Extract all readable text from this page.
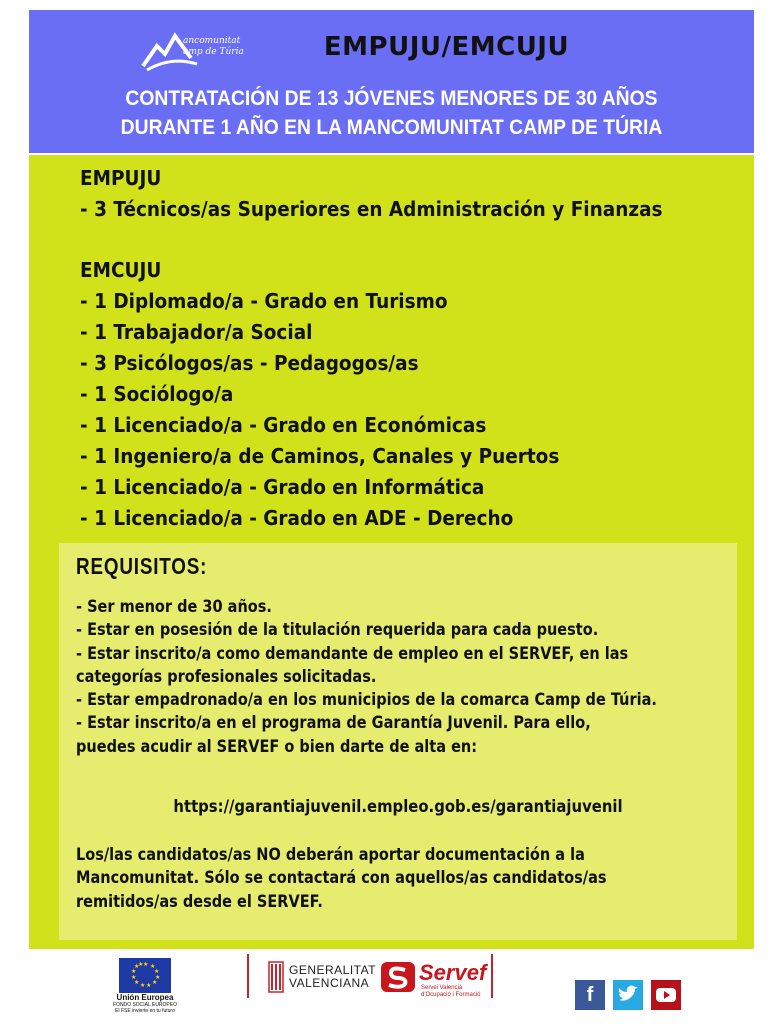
ancomunitat
amp de Túria	EMPUJU/EMCUJU
CONTRATACIÓN DE 13 JÓVENES MENORES DE 30 AÑOS
DURANTE 1 AÑO EN LA MANCOMUNITAT CAMP DE TÚRIA
EMPUJU
- 3 Técnicos/as Superiores en Administración y Finanzas
EMCUJU
- 1 Diplomado/a - Grado en Turismo
- 1 Trabajador/a Social
- 3 Psicólogos/as - Pedagogos/as
- 1 Sociólogo/a
- 1 Licenciado/a - Grado en Económicas
- 1 Ingeniero/a de Caminos, Canales y Puertos
- 1 Licenciado/a - Grado en Informática
- 1 Licenciado/a - Grado en ADE - Derecho
REQUISITOS:
- Ser menor de 30 años.
- Estar en posesión de la titulación requerida para cada puesto.
- Estar inscrito/a como demandante de empleo en el SERVEF, en las
categorías profesionales solicitadas.
- Estar empadronado/a en los municipios de la comarca Camp de Túria.
- Estar inscrito/a en el programa de Garantía Juvenil. Para ello,
puedes acudir al SERVEF o bien darte de alta en:
https://garantiajuvenil.empleo.gob.es/garantiajuvenil
Los/las candidatos/as NO deberán aportar documentación a la
Mancomunitat. Sólo se contactará con aquellos/as candidatos/as
remitidos/as desde el SERVEF.
★ ★
★
★
★
★
★
★
★
★
★
★
Unión Europea
FONDO SOCIAL EUROPEO
El FSE invierte en tu futuro
GENERALITAT
VALENCIANA	Servef
Servei Valencià
d'Ocupació i Formació	f
